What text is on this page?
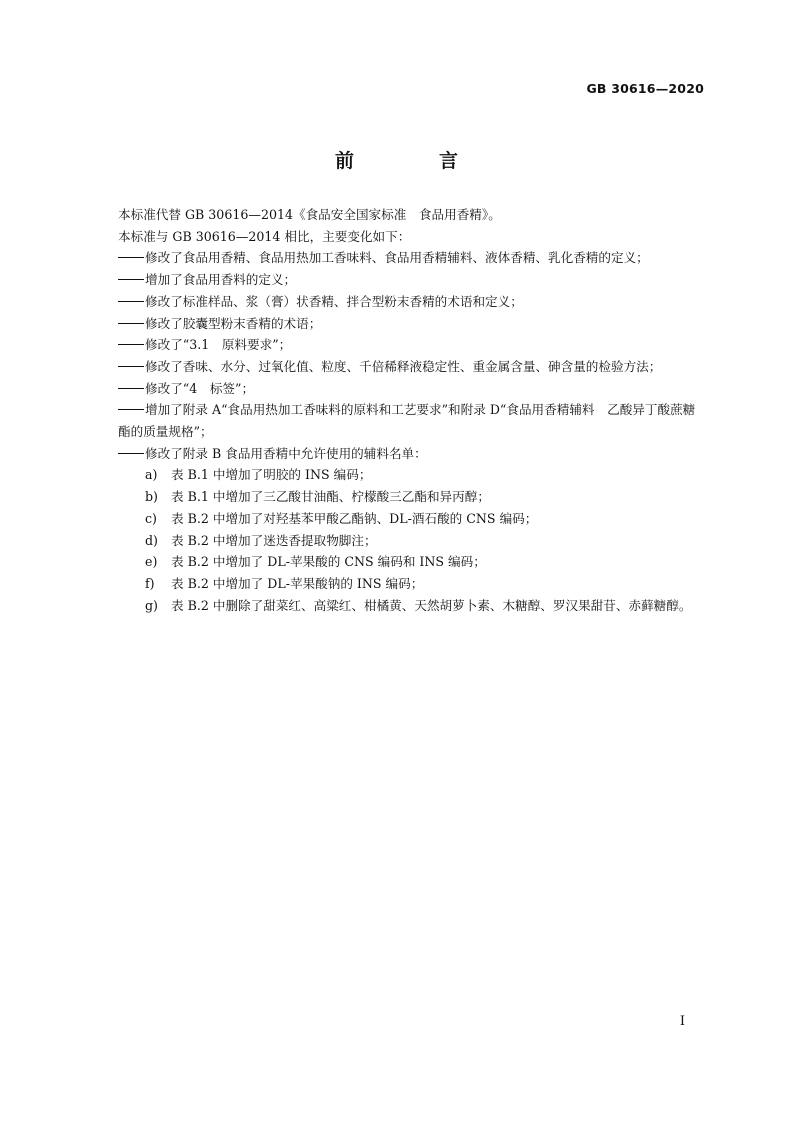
GB 30616—2020
前　言
本标准代替 GB 30616—2014《食品安全国家标准　食品用香精》。
本标准与 GB 30616—2014 相比，主要变化如下：
修改了食品用香精、食品用热加工香味料、食品用香精辅料、液体香精、乳化香精的定义；
增加了食品用香料的定义；
修改了标准样品、浆（膏）状香精、拌合型粉末香精的术语和定义；
修改了胶囊型粉末香精的术语；
修改了“3.1　原料要求”；
修改了香味、水分、过氧化值、粒度、千倍稀释液稳定性、重金属含量、砷含量的检验方法；
修改了“4　标签”；
增加了附录 A“食品用热加工香味料的原料和工艺要求”和附录 D“食品用香精辅料　乙酸异丁酸蔗糖酯的质量规格”；
修改了附录 B 食品用香精中允许使用的辅料名单：
a) 表 B.1 中增加了明胶的 INS 编码；
b) 表 B.1 中增加了三乙酸甘油酯、柠檬酸三乙酯和异丙醇；
c) 表 B.2 中增加了对羟基苯甲酸乙酯钠、DL-酒石酸的 CNS 编码；
d) 表 B.2 中增加了迷迭香提取物脚注；
e) 表 B.2 中增加了 DL-苹果酸的 CNS 编码和 INS 编码；
f) 表 B.2 中增加了 DL-苹果酸钠的 INS 编码；
g) 表 B.2 中删除了甜菜红、高粱红、柑橘黄、天然胡萝卜素、木糖醇、罗汉果甜苷、赤藓糖醇。
I
